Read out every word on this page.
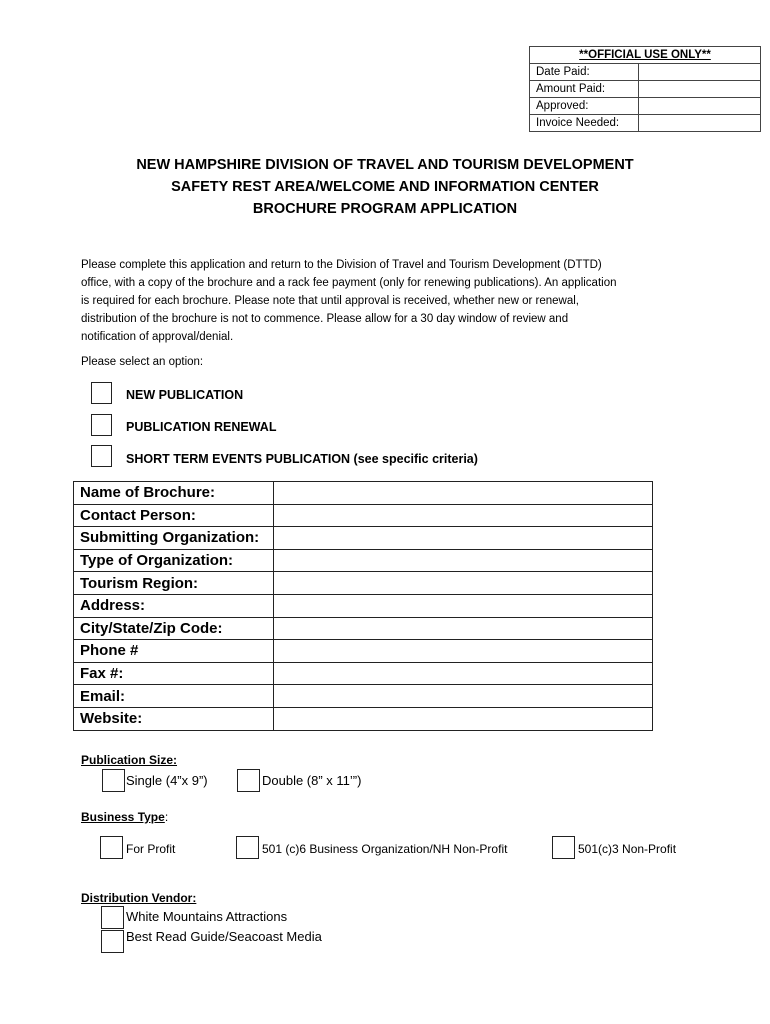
**OFFICIAL USE ONLY**	
Date Paid:	
Amount Paid:	
Approved:	
Invoice Needed:	
NEW HAMPSHIRE DIVISION OF TRAVEL AND TOURISM DEVELOPMENT
SAFETY REST AREA/WELCOME AND INFORMATION CENTER
BROCHURE PROGRAM APPLICATION
Please complete this application and return to the Division of Travel and Tourism Development (DTTD)
office, with a copy of the brochure and a rack fee payment (only for renewing publications). An application
is required for each brochure. Please note that until approval is received, whether new or renewal,
distribution of the brochure is not to commence. Please allow for a 30 day window of review and
notification of approval/denial.
Please select an option:
NEW PUBLICATION
PUBLICATION RENEWAL
SHORT TERM EVENTS PUBLICATION (see specific criteria)
Name of Brochure:	
Contact Person:	
Submitting Organization:	
Type of Organization:	
Tourism Region:	
Address:	
City/State/Zip Code:	
Phone #	
Fax #:	
Email:	
Website:	
Publication Size:
Single (4”x 9”)	Double (8” x 11’”)
Business Type:
For Profit	501 (c)6 Business Organization/NH Non-Profit	501(c)3 Non-Profit
Distribution Vendor:
White Mountains Attractions
Best Read Guide/Seacoast Media
